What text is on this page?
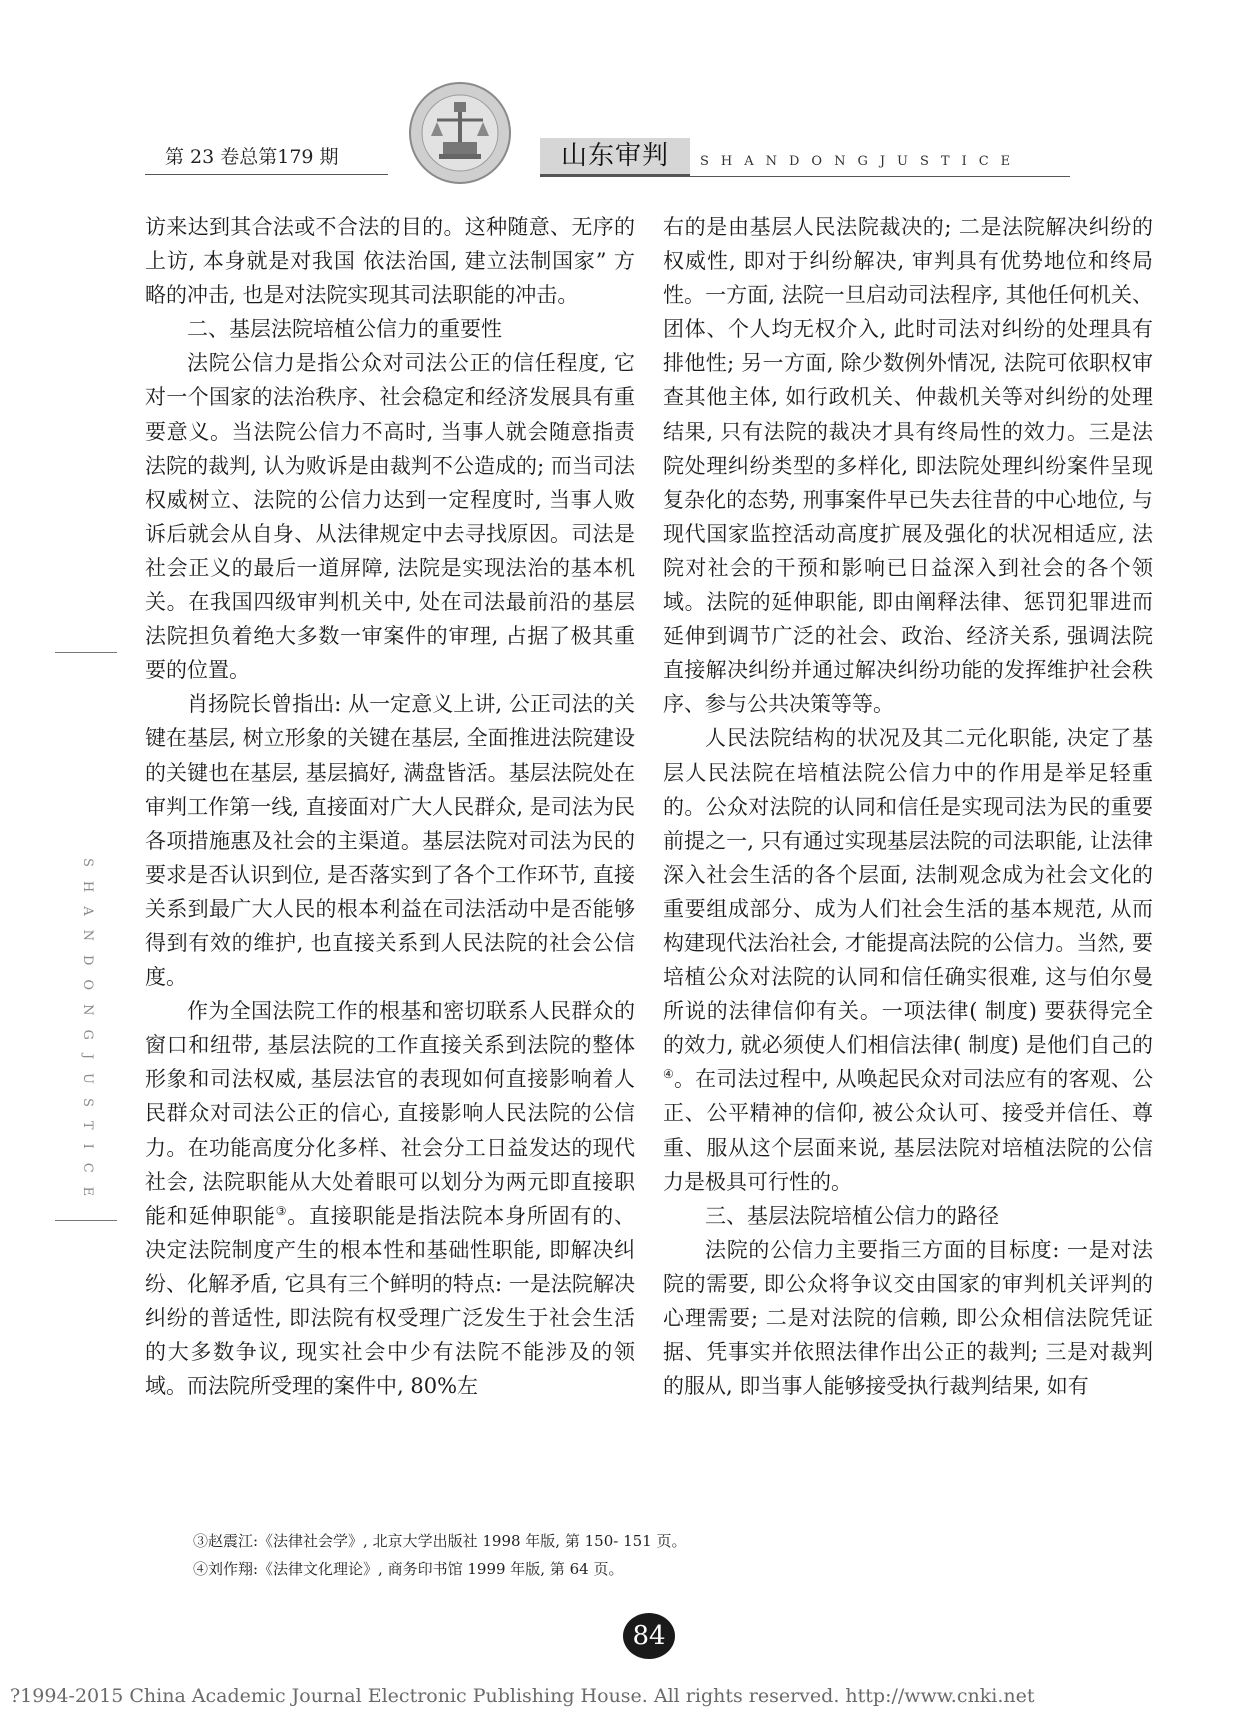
第 23 卷总第179 期	山东审判	SHANDONGJUSTICE
SHANDONGJUSTICE

访来达到其合法或不合法的目的。这种随意、无序的上访, 本身就是对我国 依法治国, 建立法制国家” 方略的冲击, 也是对法院实现其司法职能的冲击。

二、基层法院培植公信力的重要性

法院公信力是指公众对司法公正的信任程度, 它对一个国家的法治秩序、社会稳定和经济发展具有重要意义。当法院公信力不高时, 当事人就会随意指责法院的裁判, 认为败诉是由裁判不公造成的; 而当司法权威树立、法院的公信力达到一定程度时, 当事人败诉后就会从自身、从法律规定中去寻找原因。司法是社会正义的最后一道屏障, 法院是实现法治的基本机关。在我国四级审判机关中, 处在司法最前沿的基层法院担负着绝大多数一审案件的审理, 占据了极其重要的位置。

肖扬院长曾指出: 从一定意义上讲, 公正司法的关键在基层, 树立形象的关键在基层, 全面推进法院建设的关键也在基层, 基层搞好, 满盘皆活。基层法院处在审判工作第一线, 直接面对广大人民群众, 是司法为民各项措施惠及社会的主渠道。基层法院对司法为民的要求是否认识到位, 是否落实到了各个工作环节, 直接关系到最广大人民的根本利益在司法活动中是否能够得到有效的维护, 也直接关系到人民法院的社会公信度。

作为全国法院工作的根基和密切联系人民群众的窗口和纽带, 基层法院的工作直接关系到法院的整体形象和司法权威, 基层法官的表现如何直接影响着人民群众对司法公正的信心, 直接影响人民法院的公信力。在功能高度分化多样、社会分工日益发达的现代社会, 法院职能从大处着眼可以划分为两元即直接职能和延伸职能③。直接职能是指法院本身所固有的、决定法院制度产生的根本性和基础性职能, 即解决纠纷、化解矛盾, 它具有三个鲜明的特点: 一是法院解决纠纷的普适性, 即法院有权受理广泛发生于社会生活的大多数争议, 现实社会中少有法院不能涉及的领域。而法院所受理的案件中, 80%左

右的是由基层人民法院裁决的; 二是法院解决纠纷的权威性, 即对于纠纷解决, 审判具有优势地位和终局性。一方面, 法院一旦启动司法程序, 其他任何机关、团体、个人均无权介入, 此时司法对纠纷的处理具有排他性; 另一方面, 除少数例外情况, 法院可依职权审查其他主体, 如行政机关、仲裁机关等对纠纷的处理结果, 只有法院的裁决才具有终局性的效力。三是法院处理纠纷类型的多样化, 即法院处理纠纷案件呈现复杂化的态势, 刑事案件早已失去往昔的中心地位, 与现代国家监控活动高度扩展及强化的状况相适应, 法院对社会的干预和影响已日益深入到社会的各个领域。法院的延伸职能, 即由阐释法律、惩罚犯罪进而延伸到调节广泛的社会、政治、经济关系, 强调法院直接解决纠纷并通过解决纠纷功能的发挥维护社会秩序、参与公共决策等等。

人民法院结构的状况及其二元化职能, 决定了基层人民法院在培植法院公信力中的作用是举足轻重的。公众对法院的认同和信任是实现司法为民的重要前提之一, 只有通过实现基层法院的司法职能, 让法律深入社会生活的各个层面, 法制观念成为社会文化的重要组成部分、成为人们社会生活的基本规范, 从而构建现代法治社会, 才能提高法院的公信力。当然, 要培植公众对法院的认同和信任确实很难, 这与伯尔曼所说的法律信仰有关。一项法律( 制度) 要获得完全的效力, 就必须使人们相信法律( 制度) 是他们自己的④。在司法过程中, 从唤起民众对司法应有的客观、公正、公平精神的信仰, 被公众认可、接受并信任、尊重、服从这个层面来说, 基层法院对培植法院的公信力是极具可行性的。

三、基层法院培植公信力的路径

法院的公信力主要指三方面的目标度: 一是对法院的需要, 即公众将争议交由国家的审判机关评判的心理需要; 二是对法院的信赖, 即公众相信法院凭证据、凭事实并依照法律作出公正的裁判; 三是对裁判的服从, 即当事人能够接受执行裁判结果, 如有

③赵震江:《法律社会学》, 北京大学出版社 1998 年版, 第 150- 151 页。
④刘作翔:《法律文化理论》, 商务印书馆 1999 年版, 第 64 页。
84
?1994-2015 China Academic Journal Electronic Publishing House. All rights reserved. http://www.cnki.net
